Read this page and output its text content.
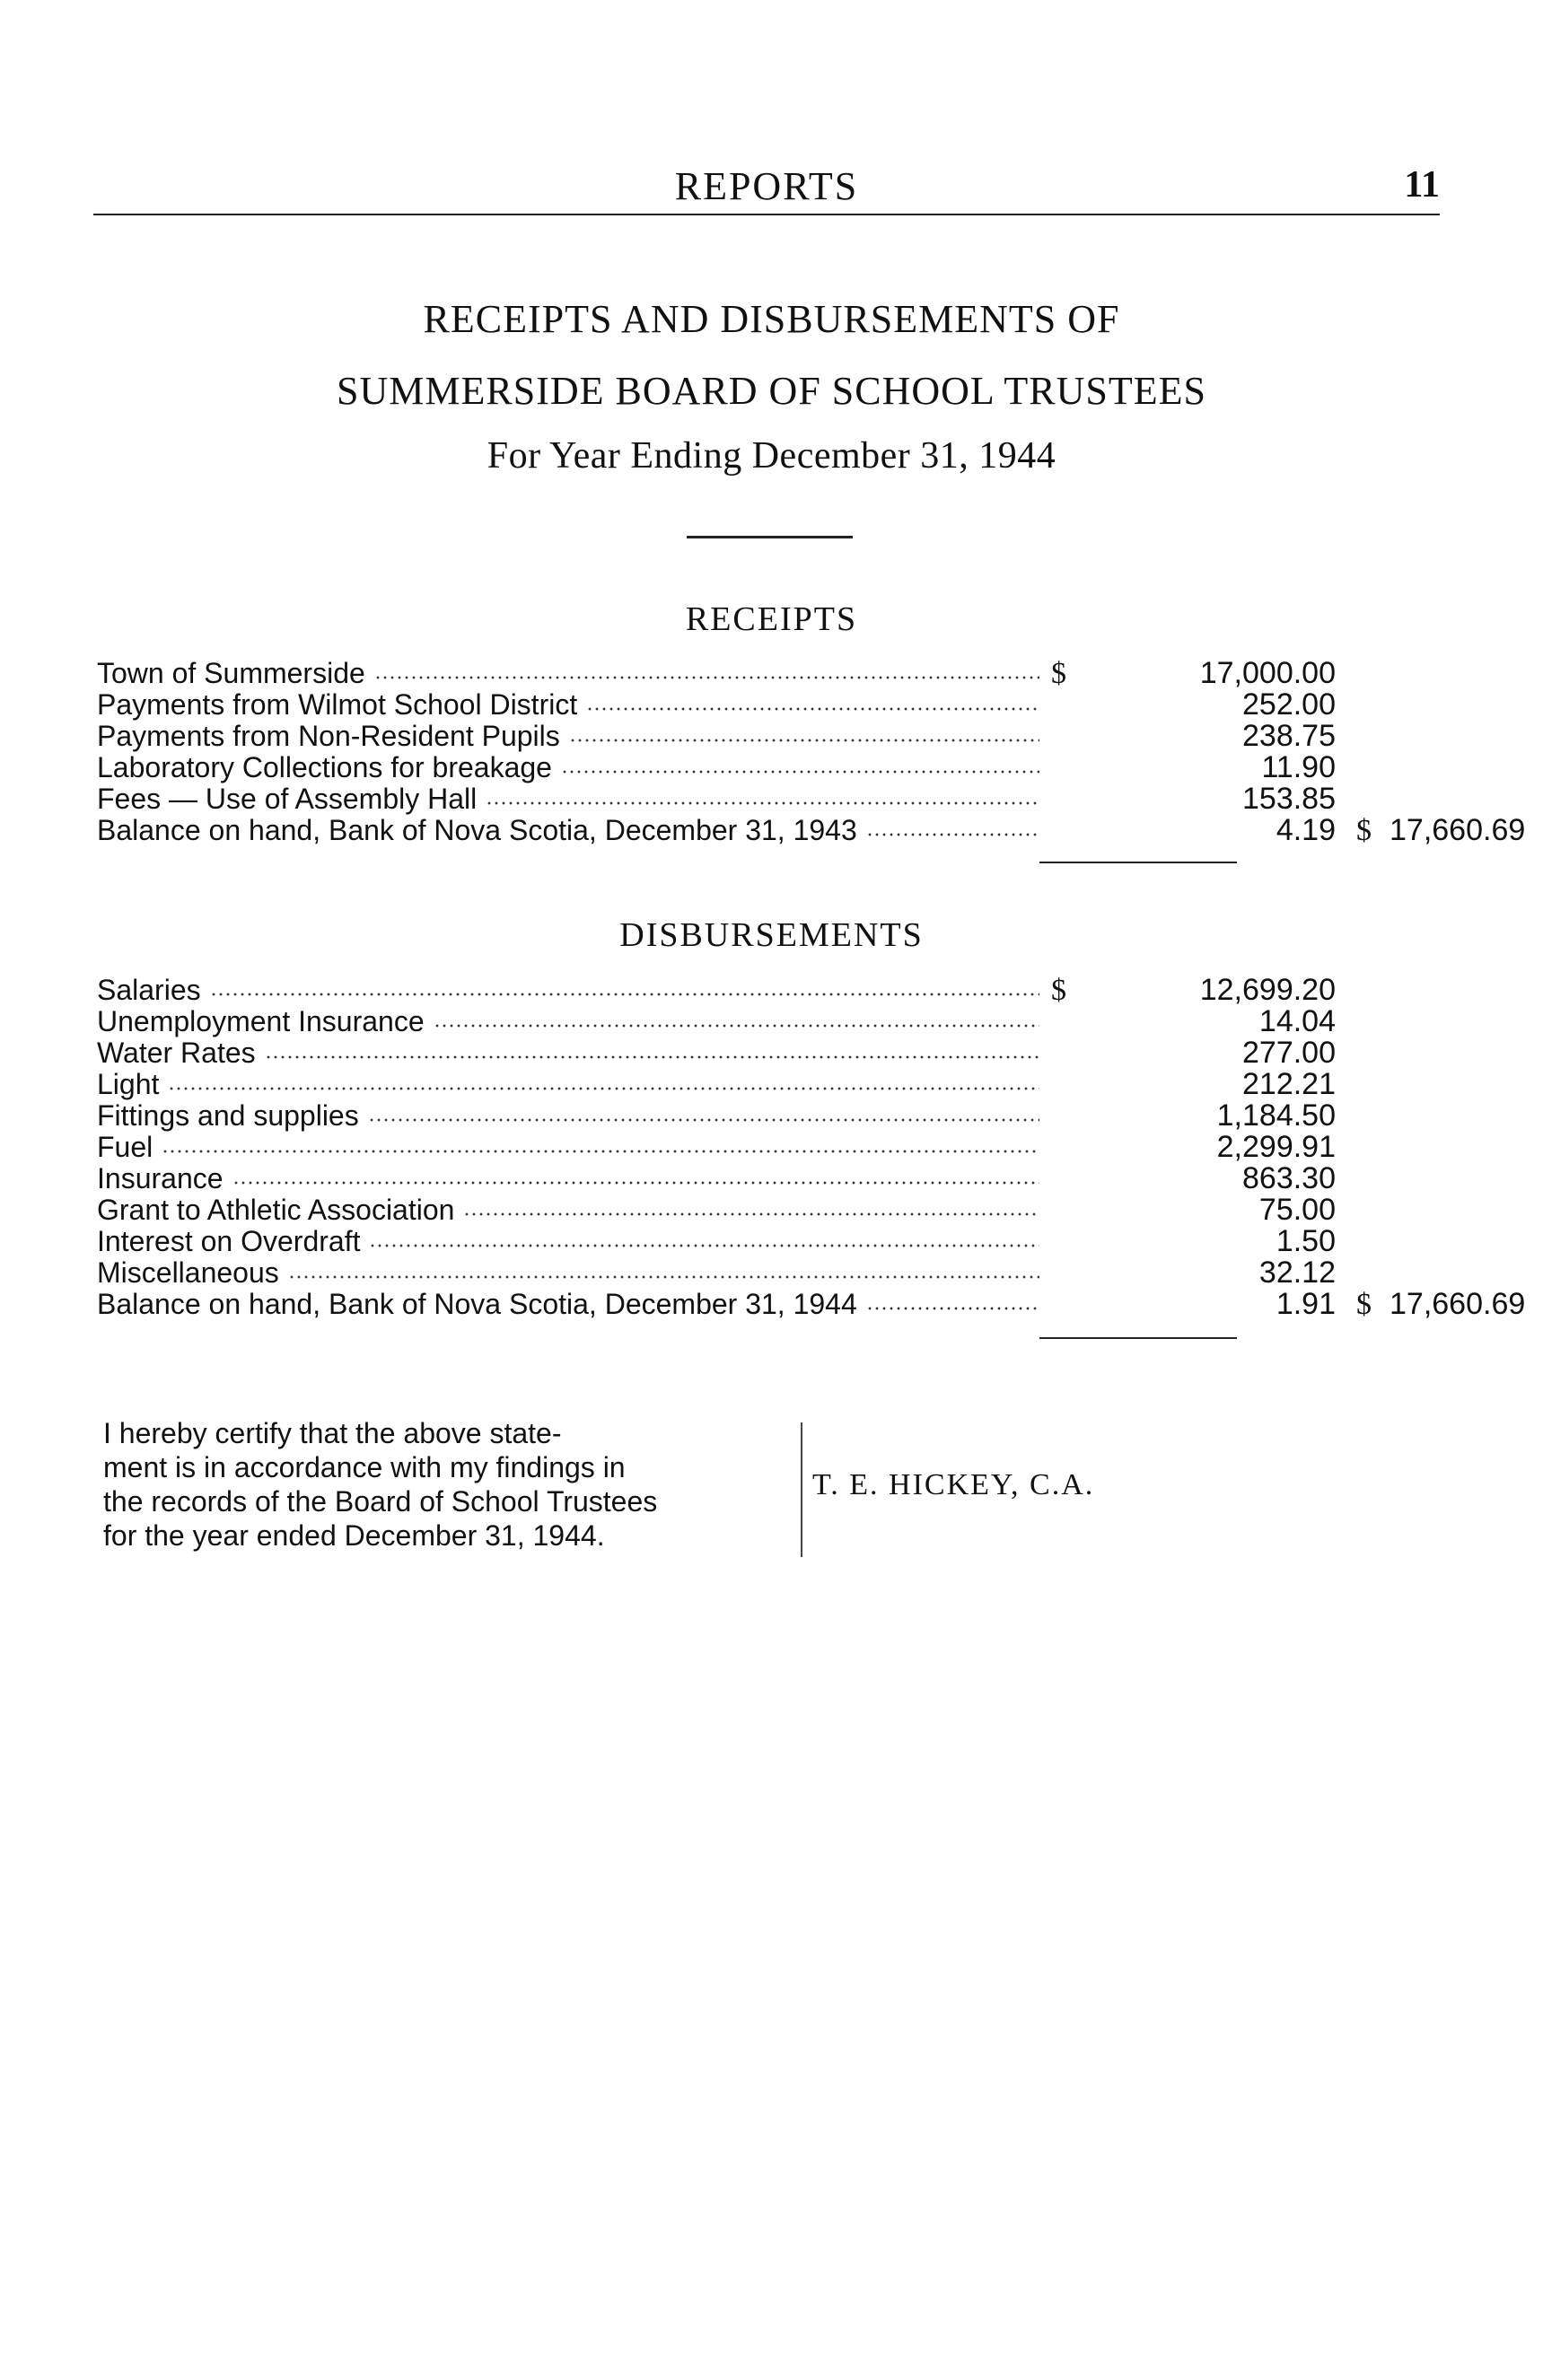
REPORTS	11
RECEIPTS AND DISBURSEMENTS OF
SUMMERSIDE BOARD OF SCHOOL TRUSTEES
For Year Ending December 31, 1944
RECEIPTS
Town of Summerside	$	17,000.00
Payments from Wilmot School District	252.00
Payments from Non-Resident Pupils	238.75
Laboratory Collections for breakage	11.90
Fees — Use of Assembly Hall	153.85
Balance on hand, Bank of Nova Scotia, December 31, 1943	4.19 $ 17,660.69
DISBURSEMENTS
Salaries	$	12,699.20
Unemployment Insurance	14.04
Water Rates	277.00
Light	212.21
Fittings and supplies	1,184.50
Fuel	2,299.91
Insurance	863.30
Grant to Athletic Association	75.00
Interest on Overdraft	1.50
Miscellaneous	32.12
Balance on hand, Bank of Nova Scotia, December 31, 1944	1.91 $ 17,660.69
I hereby certify that the above state-
ment is in accordance with my findings in
the records of the Board of School Trustees
for the year ended December 31, 1944.
T. E. HICKEY, C.A.
